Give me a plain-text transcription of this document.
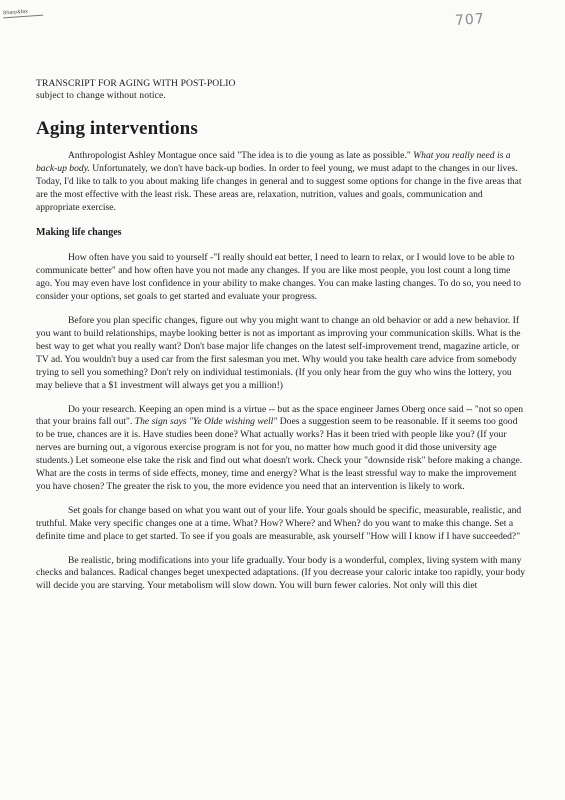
Sharp&fax	707
TRANSCRIPT FOR AGING WITH POST-POLIO
subject to change without notice.
Aging interventions

Anthropologist Ashley Montague once said "The idea is to die young as late as possible." What you really need is a back-up body. Unfortunately, we don't have back-up bodies. In order to feel young, we must adapt to the changes in our lives. Today, I'd like to talk to you about making life changes in general and to suggest some options for change in the five areas that are the most effective with the least risk. These areas are, relaxation, nutrition, values and goals, communication and appropriate exercise.

Making life changes

How often have you said to yourself -"I really should eat better, I need to learn to relax, or I would love to be able to communicate better" and how often have you not made any changes. If you are like most people, you lost count a long time ago. You may even have lost confidence in your ability to make changes. You can make lasting changes. To do so, you need to consider your options, set goals to get started and evaluate your progress.

Before you plan specific changes, figure out why you might want to change an old behavior or add a new behavior. If you want to build relationships, maybe looking better is not as important as improving your communication skills. What is the best way to get what you really want? Don't base major life changes on the latest self-improvement trend, magazine article, or TV ad. You wouldn't buy a used car from the first salesman you met. Why would you take health care advice from somebody trying to sell you something? Don't rely on individual testimonials. (If you only hear from the guy who wins the lottery, you may believe that a $1 investment will always get you a million!)

Do your research. Keeping an open mind is a virtue -- but as the space engineer James Oberg once said -- "not so open that your brains fall out". The sign says "Ye Olde wishing well" Does a suggestion seem to be reasonable. If it seems too good to be true, chances are it is. Have studies been done? What actually works? Has it been tried with people like you? (If your nerves are burning out, a vigorous exercise program is not for you, no matter how much good it did those university age students.) Let someone else take the risk and find out what doesn't work. Check your "downside risk" before making a change. What are the costs in terms of side effects, money, time and energy? What is the least stressful way to make the improvement you have chosen? The greater the risk to you, the more evidence you need that an intervention is likely to work.

Set goals for change based on what you want out of your life. Your goals should be specific, measurable, realistic, and truthful. Make very specific changes one at a time. What? How? Where? and When? do you want to make this change. Set a definite time and place to get started. To see if you goals are measurable, ask yourself "How will I know if I have succeeded?"

Be realistic, bring modifications into your life gradually. Your body is a wonderful, complex, living system with many checks and balances. Radical changes beget unexpected adaptations. (If you decrease your caloric intake too rapidly, your body will decide you are starving. Your metabolism will slow down. You will burn fewer calories. Not only will this diet
